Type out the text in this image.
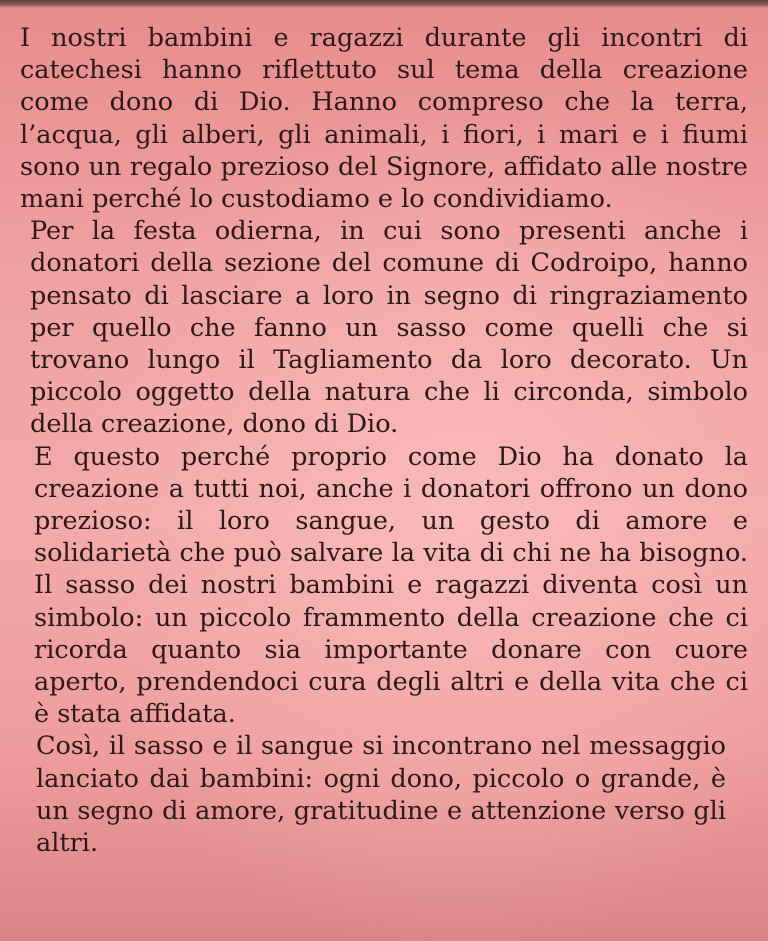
I nostri bambini e ragazzi durante gli incontri di catechesi hanno riflettuto sul tema della creazione come dono di Dio. Hanno compreso che la terra, l’acqua, gli alberi, gli animali, i fiori, i mari e i fiumi sono un regalo prezioso del Signore, affidato alle nostre mani perché lo custodiamo e lo condividiamo.

Per la festa odierna, in cui sono presenti anche i donatori della sezione del comune di Codroipo, hanno pensato di lasciare a loro in segno di ringraziamento per quello che fanno un sasso come quelli che si trovano lungo il Tagliamento da loro decorato. Un piccolo oggetto della natura che li circonda, simbolo della creazione, dono di Dio.

E questo perché proprio come Dio ha donato la creazione a tutti noi, anche i donatori offrono un dono prezioso: il loro sangue, un gesto di amore e solidarietà che può salvare la vita di chi ne ha bisogno. Il sasso dei nostri bambini e ragazzi diventa così un simbolo: un piccolo frammento della creazione che ci ricorda quanto sia importante donare con cuore aperto, prendendoci cura degli altri e della vita che ci è stata affidata.

Così, il sasso e il sangue si incontrano nel messaggio lanciato dai bambini: ogni dono, piccolo o grande, è un segno di amore, gratitudine e attenzione verso gli altri.
